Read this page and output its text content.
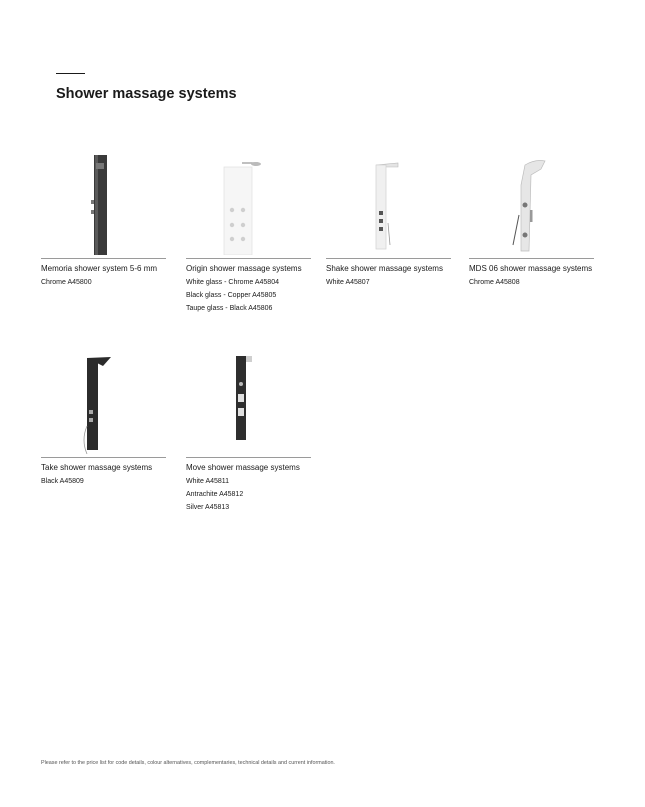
Shower massage systems
Memoria shower system 5-6 mm
Chrome A45800
Origin shower massage systems
White glass - Chrome A45804
Black glass - Copper A45805
Taupe glass - Black A45806
Shake shower massage systems
White A45807
MDS 06 shower massage systems
Chrome A45808
Take shower massage systems
Black A45809
Move shower massage systems
White A45811
Antrachite A45812
Silver A45813
Please refer to the price list for code details, colour alternatives, complementaries, technical details and current information.
